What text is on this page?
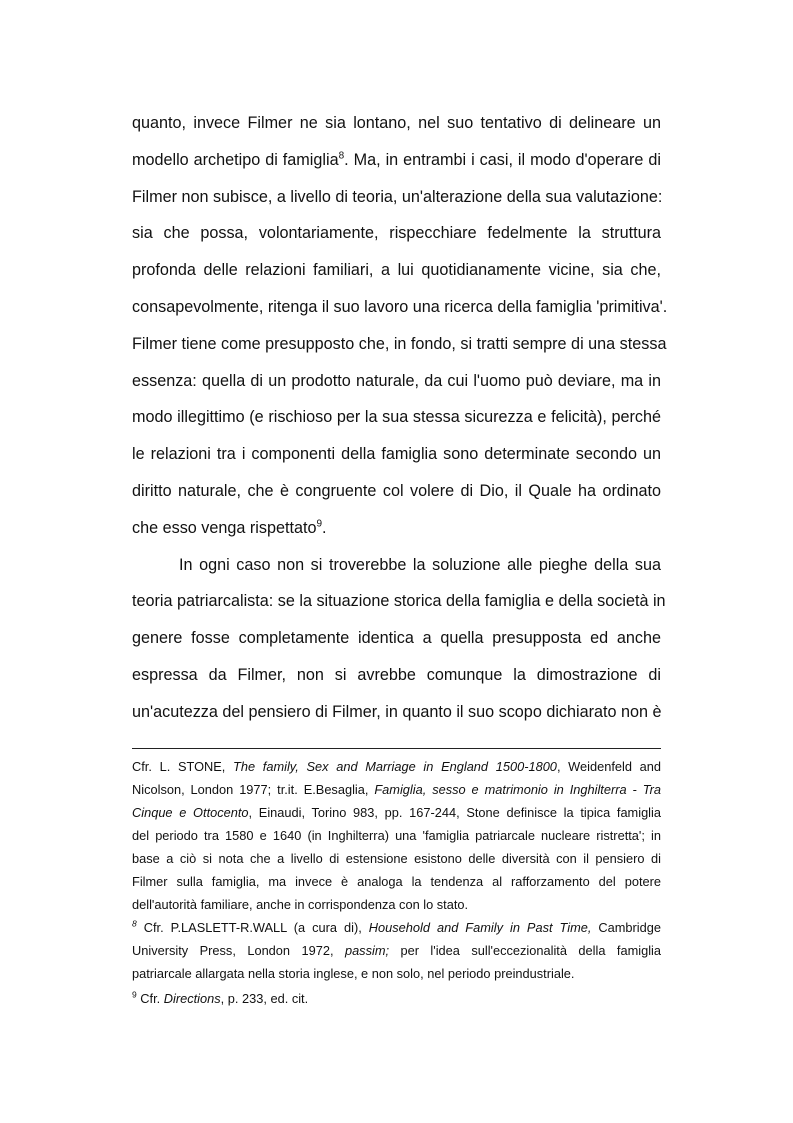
quanto, invece Filmer ne sia lontano, nel suo tentativo di delineare un
modello archetipo di famiglia$^8$. Ma, in entrambi i casi, il modo d'operare di
Filmer non subisce, a livello di teoria, un'alterazione della sua valutazione:
sia che possa, volontariamente, rispecchiare fedelmente la struttura
profonda delle relazioni familiari, a lui quotidianamente vicine, sia che,
consapevolmente, ritenga il suo lavoro una ricerca della famiglia 'primitiva'.
Filmer tiene come presupposto che, in fondo, si tratti sempre di una stessa
essenza: quella di un prodotto naturale, da cui l'uomo può deviare, ma in
modo illegittimo (e rischioso per la sua stessa sicurezza e felicità), perché
le relazioni tra i componenti della famiglia sono determinate secondo un
diritto naturale, che è congruente col volere di Dio, il Quale ha ordinato
che esso venga rispettato$^9$.
In ogni caso non si troverebbe la soluzione alle pieghe della sua
teoria patriarcalista: se la situazione storica della famiglia e della società in
genere fosse completamente identica a quella presupposta ed anche
espressa da Filmer, non si avrebbe comunque la dimostrazione di
un'acutezza del pensiero di Filmer, in quanto il suo scopo dichiarato non è
Cfr. L. STONE, The family, Sex and Marriage in England 1500-1800, Weidenfeld and
Nicolson, London 1977; tr.it. E.Besaglia, Famiglia, sesso e matrimonio in Inghilterra - Tra
Cinque e Ottocento, Einaudi, Torino 983, pp. 167-244, Stone definisce la tipica famiglia
del periodo tra 1580 e 1640 (in Inghilterra) una 'famiglia patriarcale nucleare ristretta'; in
base a ciò si nota che a livello di estensione esistono delle diversità con il pensiero di
Filmer sulla famiglia, ma invece è analoga la tendenza al rafforzamento del potere
dell'autorità familiare, anche in corrispondenza con lo stato.
$^8$ Cfr. P.LASLETT-R.WALL (a cura di), Household and Family in Past Time, Cambridge
University Press, London 1972, passim; per l'idea sull'eccezionalità della famiglia
patriarcale allargata nella storia inglese, e non solo, nel periodo preindustriale.
$^9$ Cfr. Directions, p. 233, ed. cit.
